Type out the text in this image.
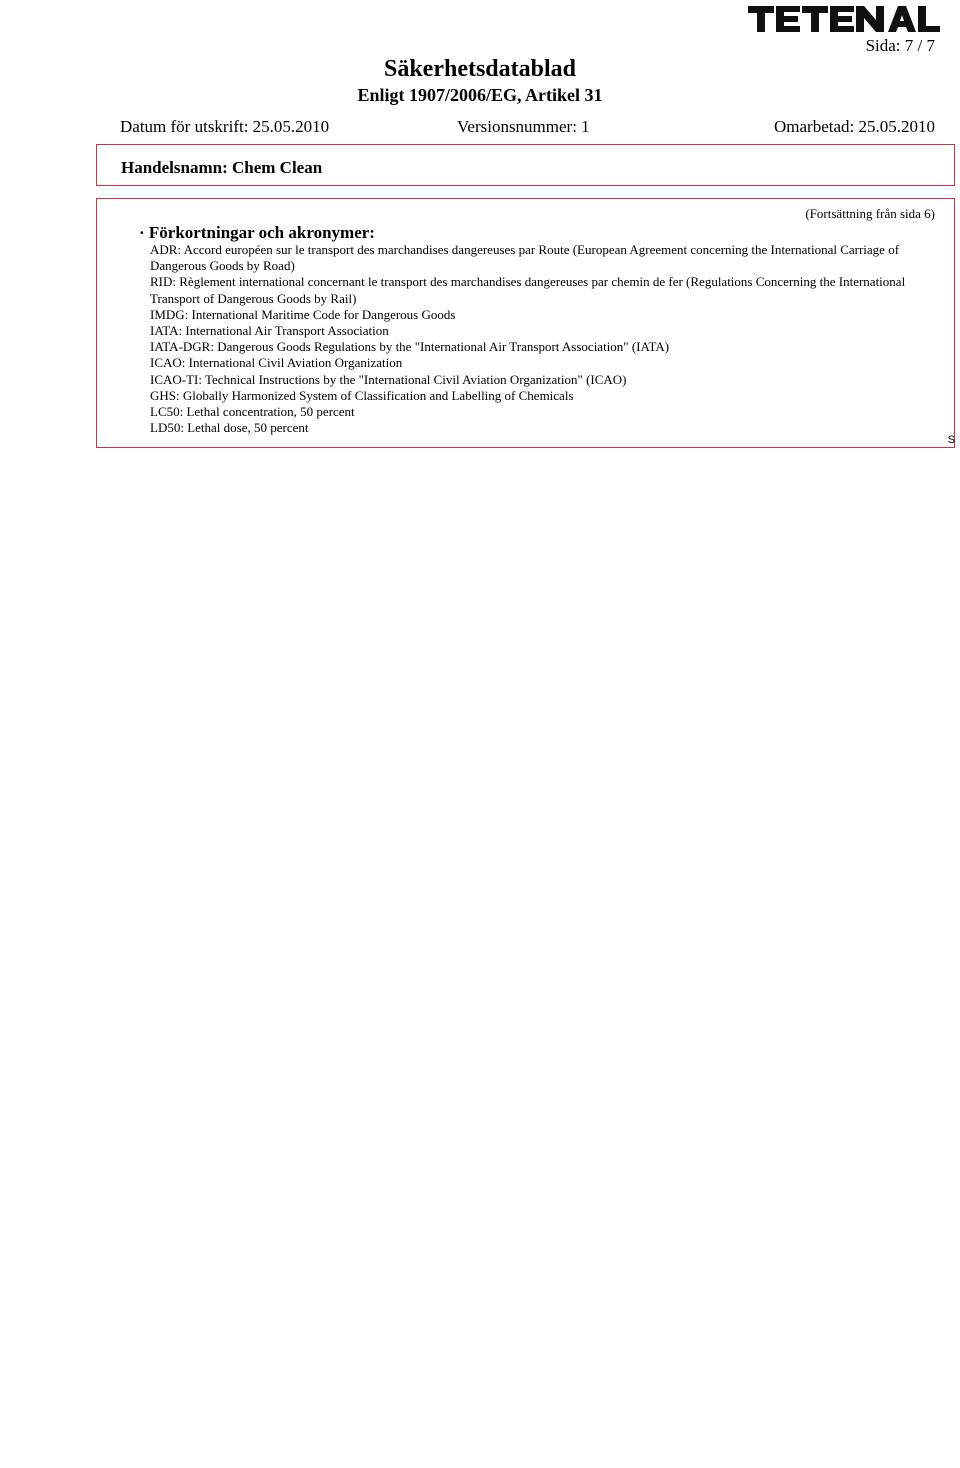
Sida: 7 / 7
Säkerhetsdatablad
Enligt 1907/2006/EG, Artikel 31
Datum för utskrift: 25.05.2010	Versionsnummer: 1	Omarbetad: 25.05.2010
Handelsnamn: Chem Clean
(Fortsättning från sida 6)
· Förkortningar och akronymer:
ADR: Accord européen sur le transport des marchandises dangereuses par Route (European Agreement concerning the International Carriage of Dangerous Goods by Road)
RID: Règlement international concernant le transport des marchandises dangereuses par chemin de fer (Regulations Concerning the International Transport of Dangerous Goods by Rail)
IMDG: International Maritime Code for Dangerous Goods
IATA: International Air Transport Association
IATA-DGR: Dangerous Goods Regulations by the "International Air Transport Association" (IATA)
ICAO: International Civil Aviation Organization
ICAO-TI: Technical Instructions by the "International Civil Aviation Organization" (ICAO)
GHS: Globally Harmonized System of Classification and Labelling of Chemicals
LC50: Lethal concentration, 50 percent
LD50: Lethal dose, 50 percent
S
